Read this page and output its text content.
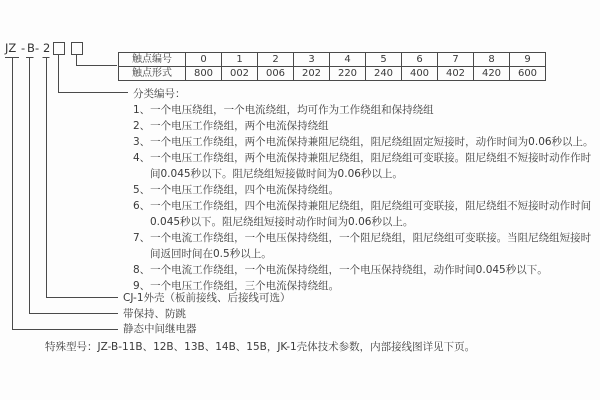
JZ - B - 2
触点编号	0	1	2	3	4	5	6	7	8	9
触点形式	800	002	006	202	220	240	400	402	420	600
分类编号：
1、一个电压绕组，一个电流绕组，均可作为工作绕组和保持绕组
2、一个电压工作绕组，两个电流保持绕组
3、一个电压工作绕组，两个电流保持兼阻尼绕组，阻尼绕组固定短接时，动作时间为0.06秒以上。
4、一个电压工作绕组，两个电流保持兼阻尼绕组，阻尼绕组可变联接。阻尼绕组不短接时动作作时
间0.045秒以下。阻尼绕组短接做时间为0.06秒以上。
5、一个电压工作绕组，四个电流保持绕组。
6、一个电压工作绕组，四个电流保持兼阻尼绕组，阻尼绕组可变联接，阻尼绕组不短接时动作时间
0.045秒以下。阻尼绕组短接时动作时间为0.06秒以上。
7、一个电流工作绕组，一个电压保持绕组，一个阻尼绕组，阻尼绕组可变联接。当阻尼绕组短接时
间返回时间在0.5秒以上。
8、一个电流工作绕组，一个电流保持绕组，一个电压保持绕组，动作时间0.045秒以下。
9、一个电压工作绕组，三个电流保持绕组。
CJ-1外壳（板前接线、后接线可选）
带保持、防跳
静态中间继电器
特殊型号：JZ-B-11B、12B、13B、14B、15B，JK-1壳体技术参数，内部接线图详见下页。
